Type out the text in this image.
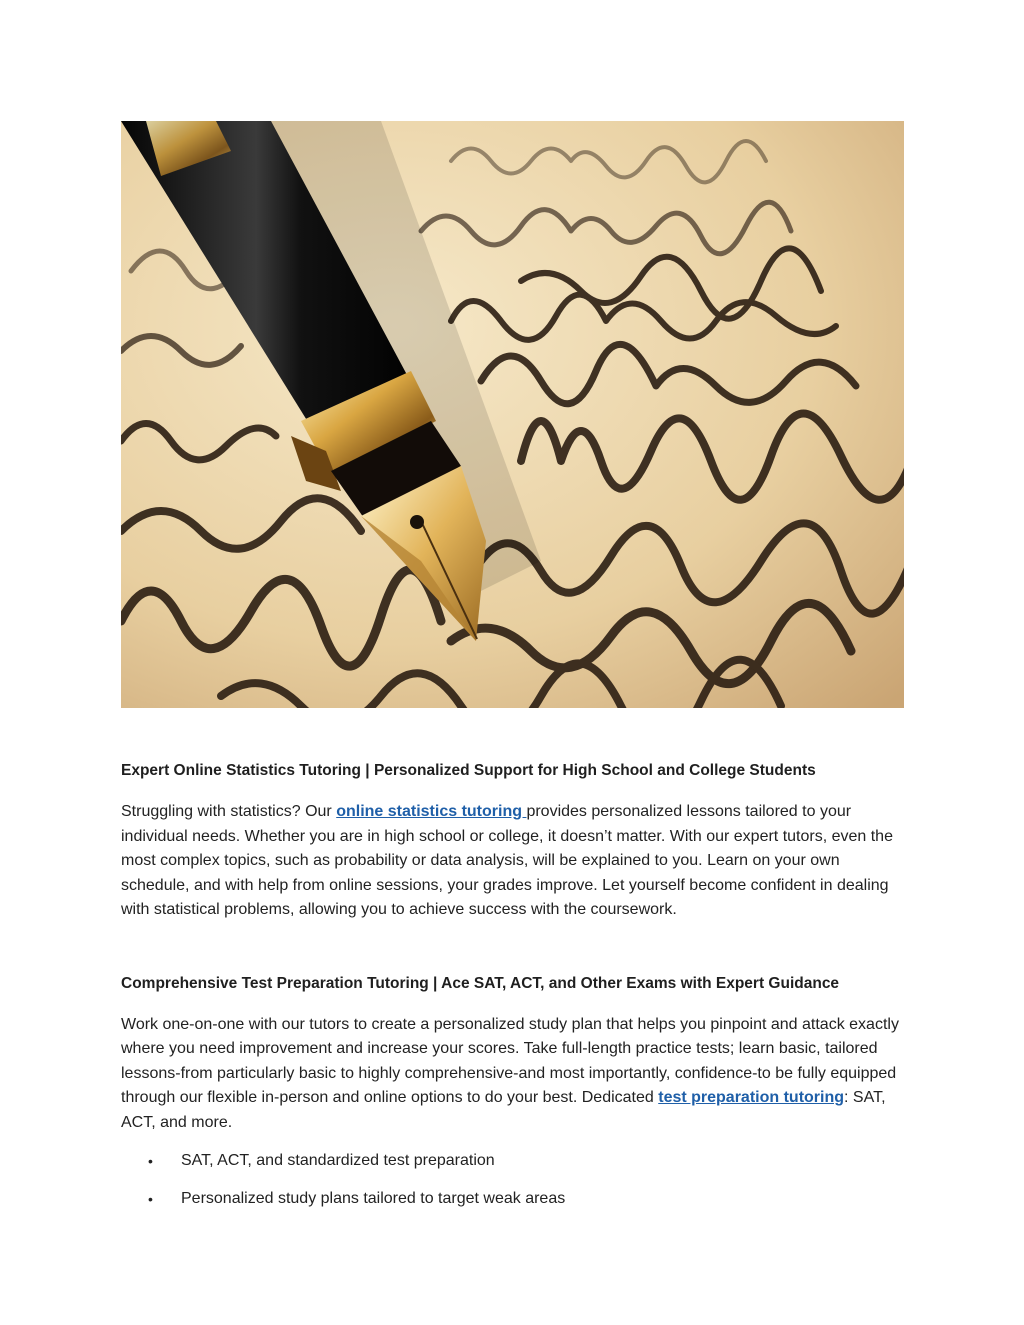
Expert Online Statistics Tutoring | Personalized Support for High School and College Students

Struggling with statistics? Our online statistics tutoring provides personalized lessons tailored to your individual needs. Whether you are in high school or college, it doesn’t matter. With our expert tutors, even the most complex topics, such as probability or data analysis, will be explained to you. Learn on your own schedule, and with help from online sessions, your grades improve. Let yourself become confident in dealing with statistical problems, allowing you to achieve success with the coursework.

Comprehensive Test Preparation Tutoring | Ace SAT, ACT, and Other Exams with Expert Guidance

Work one-on-one with our tutors to create a personalized study plan that helps you pinpoint and attack exactly where you need improvement and increase your scores. Take full-length practice tests; learn basic, tailored lessons-from particularly basic to highly comprehensive-and most importantly, confidence-to be fully equipped through our flexible in-person and online options to do your best. Dedicated test preparation tutoring: SAT, ACT, and more.

• SAT, ACT, and standardized test preparation
• Personalized study plans tailored to target weak areas
